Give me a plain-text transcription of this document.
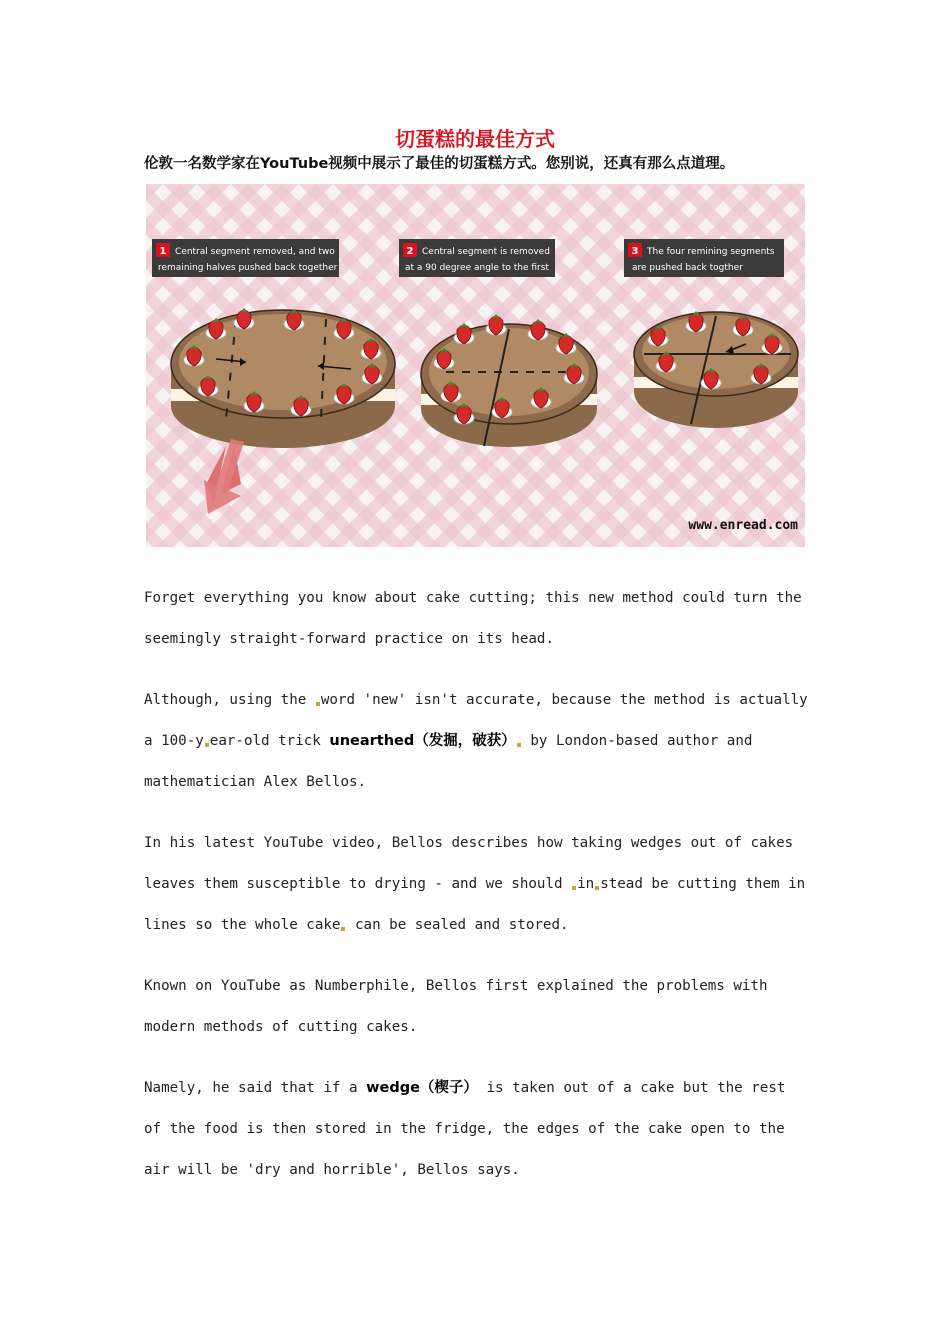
切蛋糕的最佳方式
伦敦一名数学家在YouTube视频中展示了最佳的切蛋糕方式。您别说，还真有那么点道理。
1 Central segment removed, and two
remaining halves pushed back together
2 Central segment is removed
at a 90 degree angle to the first
3 The four remining segments
are pushed back togther
www.enread.com

Forget everything you know about cake cutting; this new method could turn the seemingly straight-forward practice on its head.

Although, using the word 'new' isn't accurate, because the method is actually a 100-y ear-old trick unearthed（发掘，破获） by London-based author and mathematician Alex Bellos.

In his latest YouTube video, Bellos describes how taking wedges out of cakes leaves them susceptible to drying - and we should in stead be cutting them in lines so the whole cake can be sealed and stored.

Known on YouTube as Numberphile, Bellos first explained the problems with modern methods of cutting cakes.

Namely, he said that if a wedge（楔子） is taken out of a cake but the rest of the food is then stored in the fridge, the edges of the cake open to the air will be 'dry and horrible', Bellos says.
